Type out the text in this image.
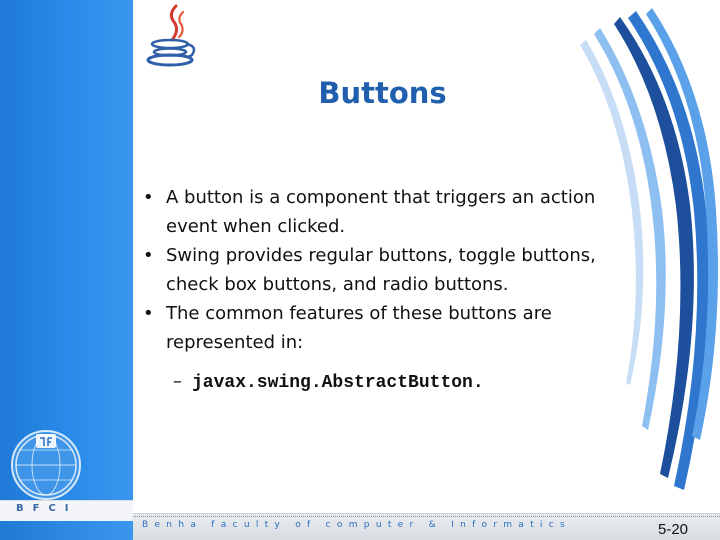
BFCI
Buttons
• A button is a component that triggers an action event when clicked.
• Swing provides regular buttons, toggle buttons, check box buttons, and radio buttons.
• The common features of these buttons are represented in:
– javax.swing.AbstractButton.
Benha faculty of computer & Informatics	5-20
